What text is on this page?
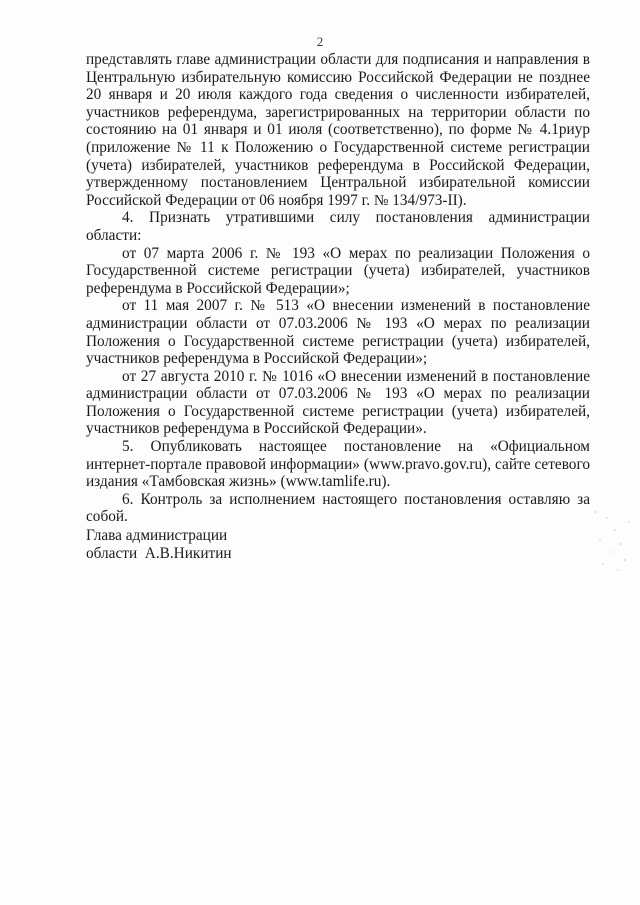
2

представлять главе администрации области для подписания и направления в Центральную избирательную комиссию Российской Федерации не позднее 20 января и 20 июля каждого года сведения о численности избирателей, участников референдума, зарегистрированных на территории области по состоянию на 01 января и 01 июля (соответственно), по форме № 4.1риур (приложение № 11 к Положению о Государственной системе регистрации (учета) избирателей, участников референдума в Российской Федерации, утвержденному постановлением Центральной избирательной комиссии Российской Федерации от 06 ноября 1997 г. № 134/973-II).

4. Признать утратившими силу постановления администрации области:

от 07 марта 2006 г. № 193 «О мерах по реализации Положения о Государственной системе регистрации (учета) избирателей, участников референдума в Российской Федерации»;

от 11 мая 2007 г. № 513 «О внесении изменений в постановление администрации области от 07.03.2006 № 193 «О мерах по реализации Положения о Государственной системе регистрации (учета) избирателей, участников референдума в Российской Федерации»;

от 27 августа 2010 г. № 1016 «О внесении изменений в постановление администрации области от 07.03.2006 № 193 «О мерах по реализации Положения о Государственной системе регистрации (учета) избирателей, участников референдума в Российской Федерации».

5. Опубликовать настоящее постановление на «Официальном интернет-портале правовой информации» (www.pravo.gov.ru), сайте сетевого издания «Тамбовская жизнь» (www.tamlife.ru).

6. Контроль за исполнением настоящего постановления оставляю за собой.

Глава администрации
области  А.В.Никитин
